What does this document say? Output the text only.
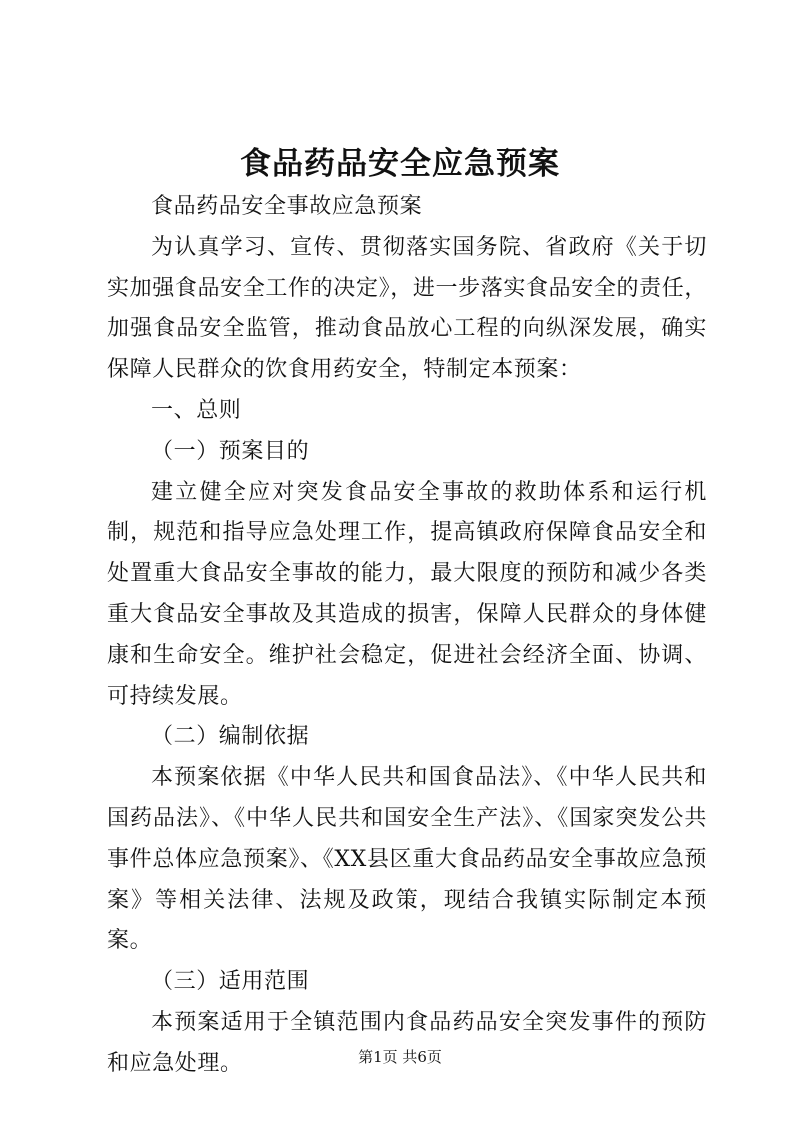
食品药品安全应急预案

食品药品安全事故应急预案

为认真学习、宣传、贯彻落实国务院、省政府《关于切实加强食品安全工作的决定》，进一步落实食品安全的责任，加强食品安全监管，推动食品放心工程的向纵深发展，确实保障人民群众的饮食用药安全，特制定本预案：

一、总则

（一）预案目的

建立健全应对突发食品安全事故的救助体系和运行机制，规范和指导应急处理工作，提高镇政府保障食品安全和处置重大食品安全事故的能力，最大限度的预防和减少各类重大食品安全事故及其造成的损害，保障人民群众的身体健康和生命安全。维护社会稳定，促进社会经济全面、协调、可持续发展。

（二）编制依据

本预案依据《中华人民共和国食品法》、《中华人民共和国药品法》、《中华人民共和国安全生产法》、《国家突发公共事件总体应急预案》、《XX县区重大食品药品安全事故应急预案》等相关法律、法规及政策，现结合我镇实际制定本预案。

（三）适用范围

本预案适用于全镇范围内食品药品安全突发事件的预防和应急处理。	第1页 共6页
